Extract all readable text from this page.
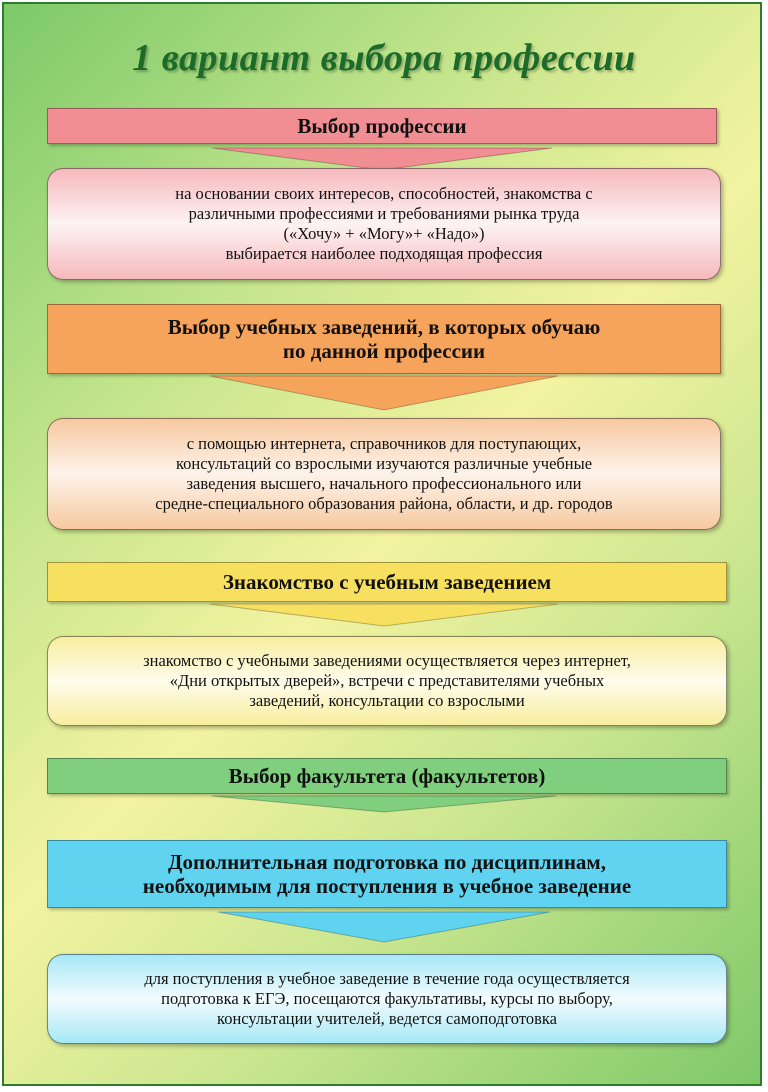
1 вариант выбора профессии
Выбор профессии
на основании своих интересов, способностей, знакомства с
различными профессиями и требованиями рынка труда
(«Хочу» + «Могу»+ «Надо»)
выбирается наиболее подходящая профессия
Выбор учебных заведений, в которых обучаю
по данной профессии
с помощью интернета, справочников для поступающих,
консультаций со взрослыми изучаются различные учебные
заведения высшего, начального профессионального или
средне-специального образования района, области, и др. городов
Знакомство с учебным заведением
знакомство с учебными заведениями осуществляется через интернет,
«Дни открытых дверей», встречи с представителями учебных
заведений, консультации со взрослыми
Выбор факультета (факультетов)
Дополнительная подготовка по дисциплинам,
необходимым для поступления в учебное заведение
для поступления в учебное заведение в течение года осуществляется
подготовка к ЕГЭ, посещаются факультативы, курсы по выбору,
консультации учителей, ведется самоподготовка
